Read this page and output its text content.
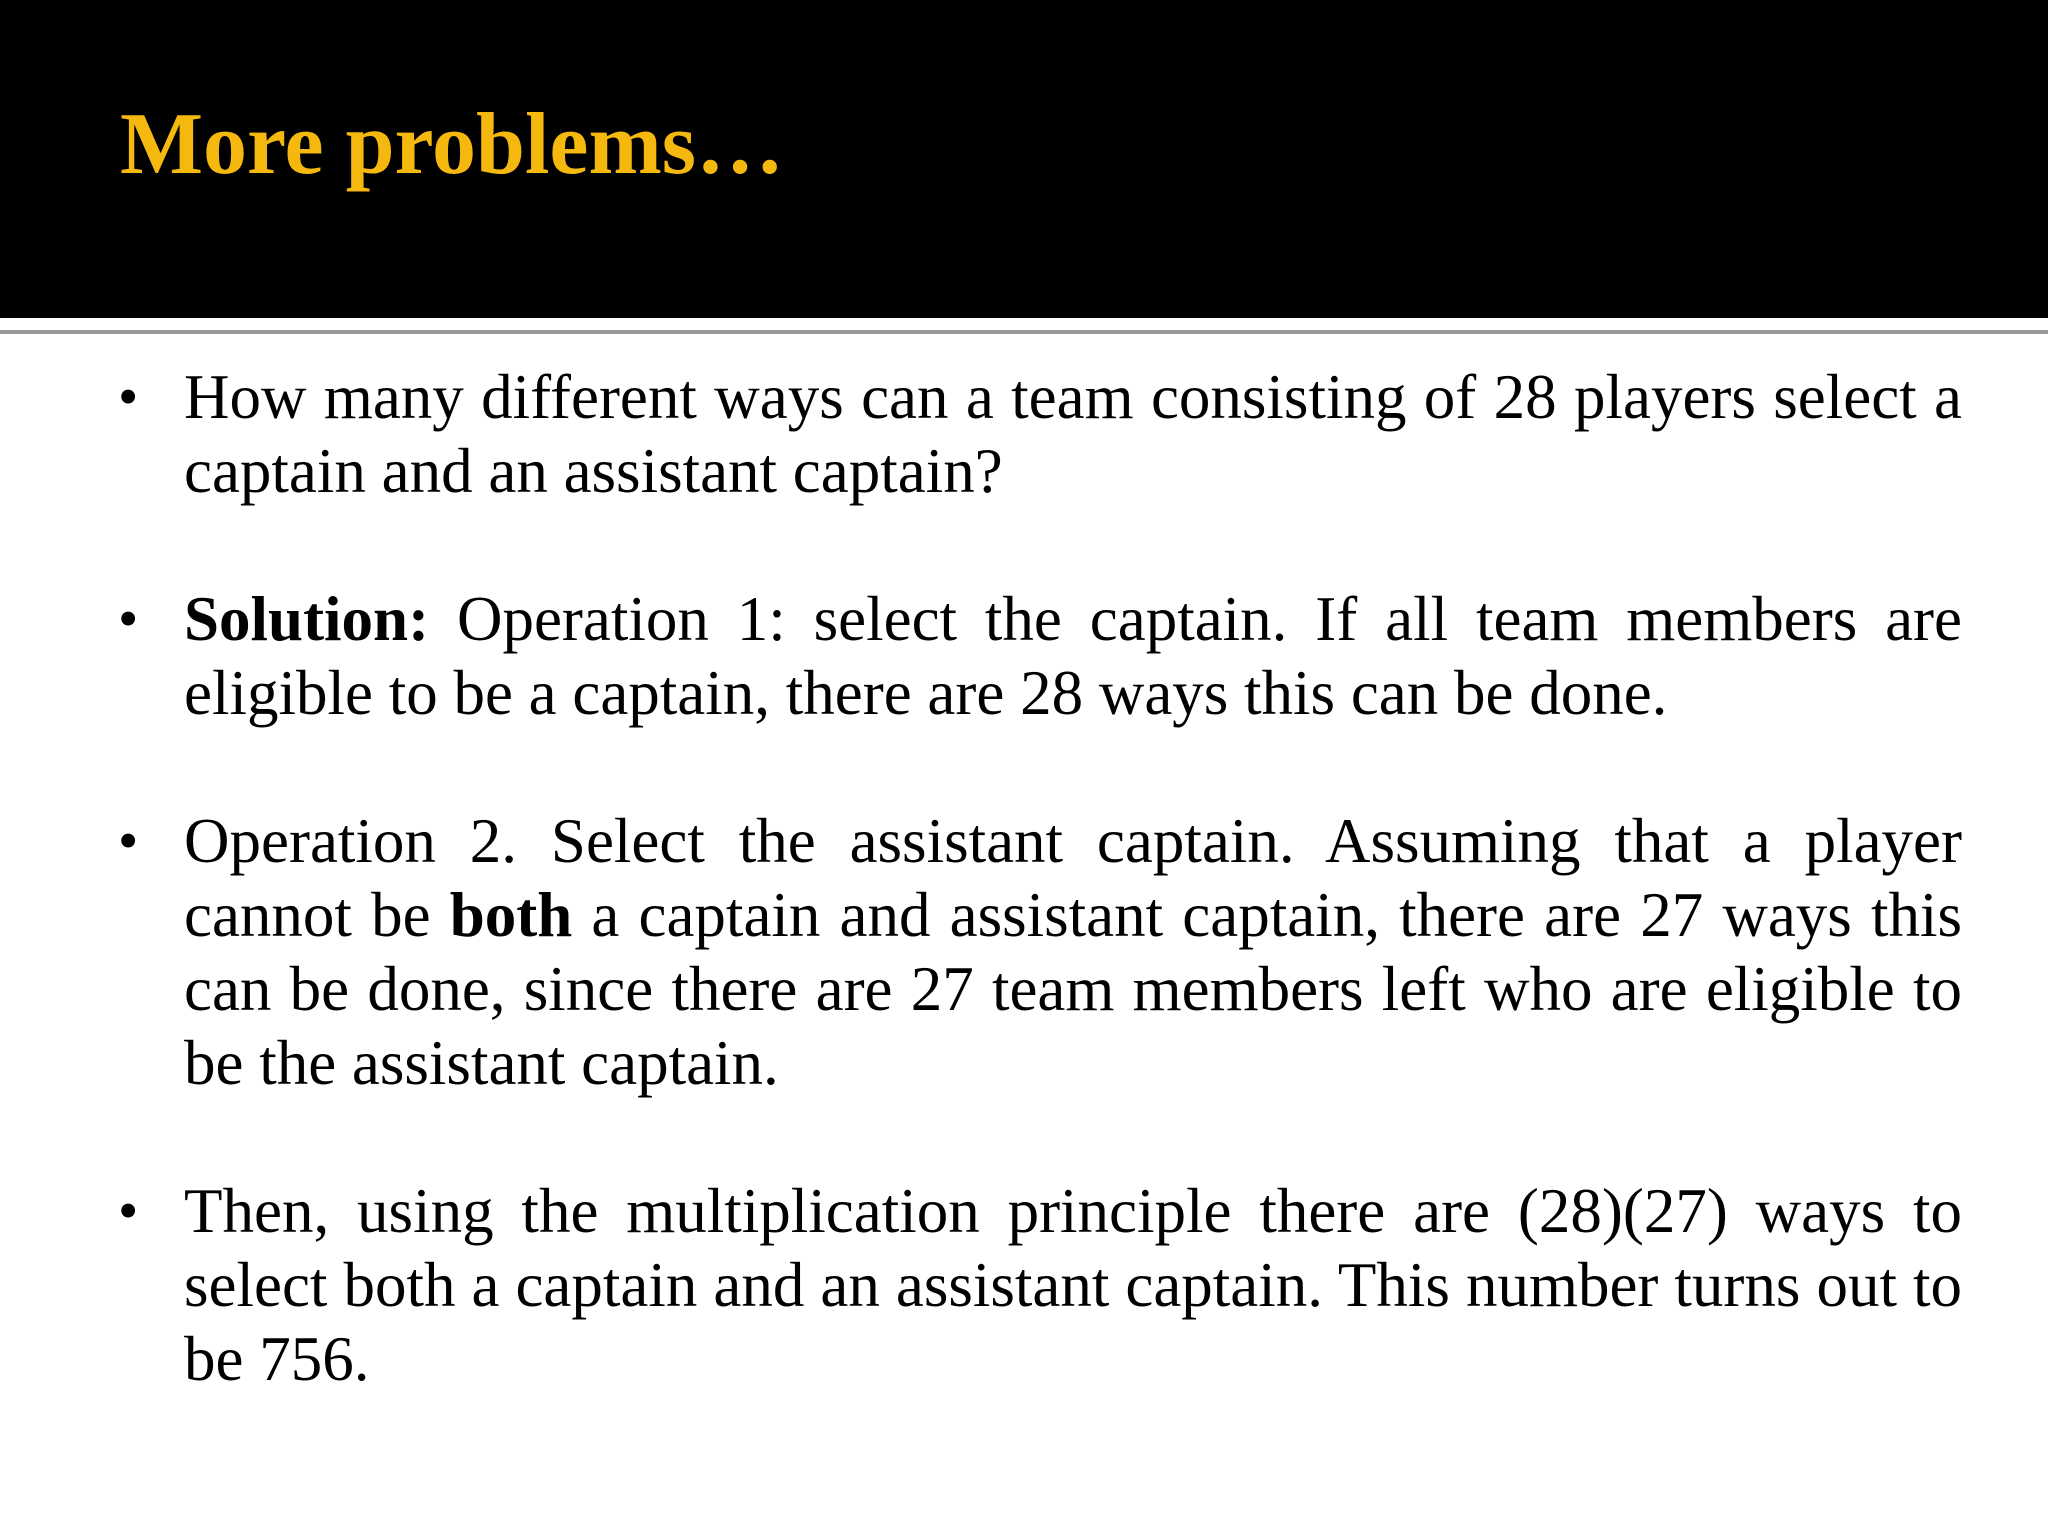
More problems…
• How many different ways can a team consisting of 28 players select a captain and an assistant captain?
• Solution: Operation 1: select the captain. If all team members are eligible to be a captain, there are 28 ways this can be done.
• Operation 2. Select the assistant captain. Assuming that a player cannot be both a captain and assistant captain, there are 27 ways this can be done, since there are 27 team members left who are eligible to be the assistant captain.
• Then, using the multiplication principle there are (28)(27) ways to select both a captain and an assistant captain. This number turns out to be 756.
